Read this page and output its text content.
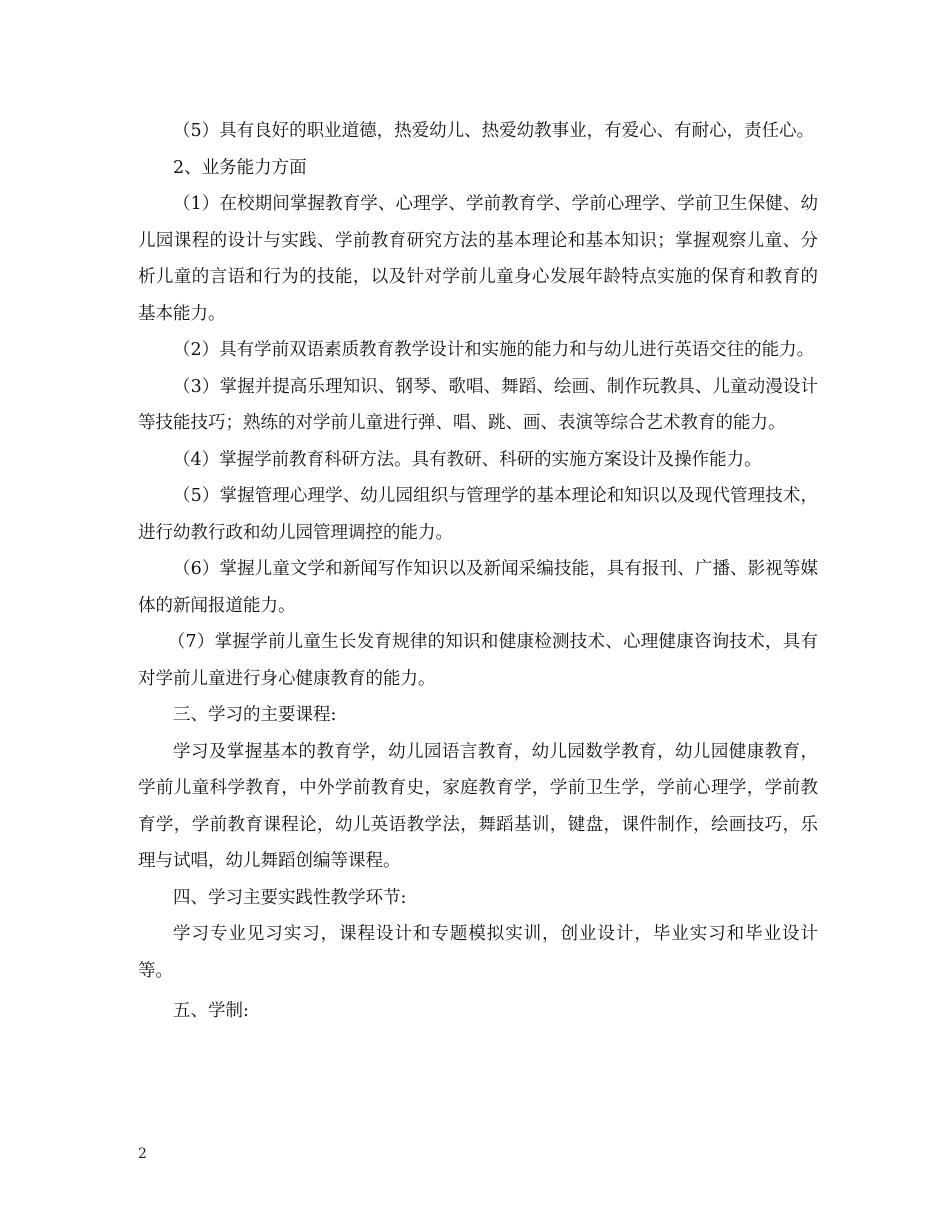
（5）具有良好的职业道德，热爱幼儿、热爱幼教事业，有爱心、有耐心，责任心。

2、业务能力方面

（1）在校期间掌握教育学、心理学、学前教育学、学前心理学、学前卫生保健、幼儿园课程的设计与实践、学前教育研究方法的基本理论和基本知识；掌握观察儿童、分析儿童的言语和行为的技能，以及针对学前儿童身心发展年龄特点实施的保育和教育的基本能力。

（2）具有学前双语素质教育教学设计和实施的能力和与幼儿进行英语交往的能力。

（3）掌握并提高乐理知识、钢琴、歌唱、舞蹈、绘画、制作玩教具、儿童动漫设计等技能技巧；熟练的对学前儿童进行弹、唱、跳、画、表演等综合艺术教育的能力。

（4）掌握学前教育科研方法。具有教研、科研的实施方案设计及操作能力。

（5）掌握管理心理学、幼儿园组织与管理学的基本理论和知识以及现代管理技术，进行幼教行政和幼儿园管理调控的能力。

（6）掌握儿童文学和新闻写作知识以及新闻采编技能，具有报刊、广播、影视等媒体的新闻报道能力。

（7）掌握学前儿童生长发育规律的知识和健康检测技术、心理健康咨询技术，具有对学前儿童进行身心健康教育的能力。

三、学习的主要课程:

学习及掌握基本的教育学，幼儿园语言教育，幼儿园数学教育，幼儿园健康教育，学前儿童科学教育，中外学前教育史，家庭教育学，学前卫生学，学前心理学，学前教育学，学前教育课程论，幼儿英语教学法，舞蹈基训，键盘，课件制作，绘画技巧，乐理与试唱，幼儿舞蹈创编等课程。

四、学习主要实践性教学环节:

学习专业见习实习，课程设计和专题模拟实训，创业设计，毕业实习和毕业设计等。

五、学制:

2
